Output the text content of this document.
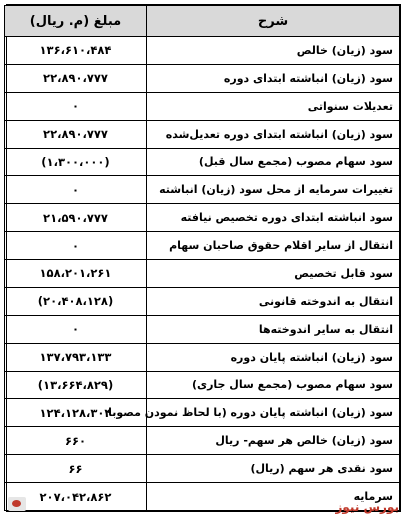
شرح	مبلغ (م. ریال)
سود (زیان) خالص	۱۳۶،۶۱۰،۴۸۴
سود (زیان) انباشته ابتدای دوره	۲۲،۸۹۰،۷۷۷
تعدیلات سنواتی	۰
سود (زیان) انباشته ابتدای دوره تعدیل‌شده	۲۲،۸۹۰،۷۷۷
سود سهام مصوب (مجمع سال قبل)	(۱،۳۰۰،۰۰۰)
تغییرات سرمایه از محل سود (زیان) انباشته	۰
سود انباشته ابتدای دوره تخصیص نیافته	۲۱،۵۹۰،۷۷۷
انتقال از سایر اقلام حقوق صاحبان سهام	۰
سود قابل تخصیص	۱۵۸،۲۰۱،۲۶۱
انتقال به اندوخته قانونی	(۲۰،۴۰۸،۱۲۸)
انتقال به سایر اندوخته‌ها	۰
سود (زیان) انباشته پایان دوره	۱۳۷،۷۹۳،۱۳۳
سود سهام مصوب (مجمع سال جاری)	(۱۳،۶۶۴،۸۲۹)
سود (زیان) انباشته پایان دوره (با لحاظ نمودن مصوبا	۱۲۴،۱۲۸،۳۰۴
سود (زیان) خالص هر سهم- ریال	۶۶۰
سود نقدی هر سهم (ریال)	۶۶
سرمایه	۲۰۷،۰۴۲،۸۶۲
بورس نیوز
